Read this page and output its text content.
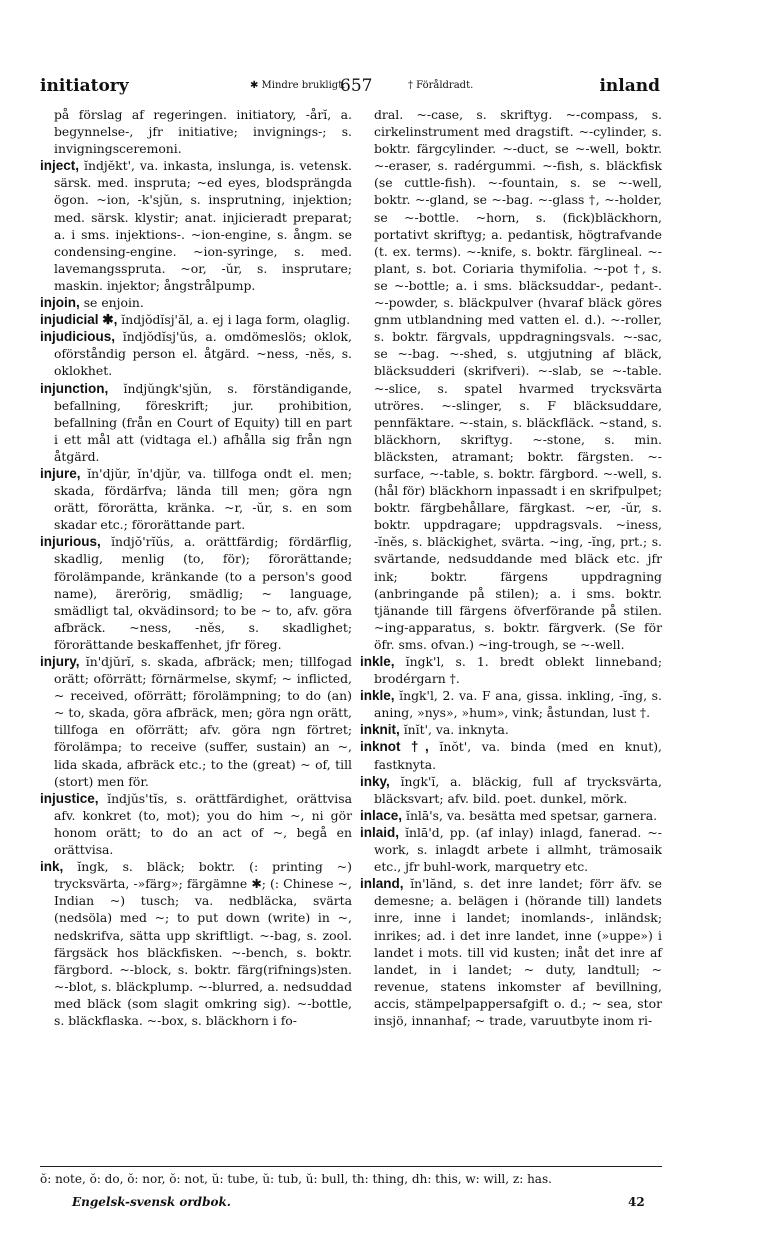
initiatory	✱ Mindre brukligt.
657	† Föråldradt.	inland

på förslag af regeringen. initiatory, -årĭ, a. begynnelse-, jfr initiative; invignings-; s. invigningsceremoni.

inject, ĭndjĕkt', va. inkasta, inslunga, is. vetensk. särsk. med. inspruta; ~ed eyes, blodsprängda ögon. ~ion, -k'sjŭn, s. insprutning, injektion; med. särsk. klystir; anat. injicieradt preparat; a. i sms. injektions-. ~ion-engine, s. ångm. se condensing-engine. ~ion-syringe, s. med. lavemangsspruta. ~or, -ŭr, s. insprutare; maskin. injektor; ångstrålpump.

injoin, se enjoin.

injudicial ✱, ĭndjŏdĭsj'ăl, a. ej i laga form, olaglig.

injudicious, ĭndjŏdĭsj'ŭs, a. omdömeslös; oklok, oförståndig person el. åtgärd. ~ness, -nĕs, s. oklokhet.

injunction, ĭndjŭngk'sjŭn, s. förständigande, befallning, föreskrift; jur. prohibition, befallning (från en Court of Equity) till en part i ett mål att (vidtaga el.) afhålla sig från ngn åtgärd.

injure, ĭn'djŭr, ĭn'djŭr, va. tillfoga ondt el. men; skada, fördärfva; lända till men; göra ngn orätt, förorätta, kränka. ~r, -ŭr, s. en som skadar etc.; förorättande part.

injurious, ĭndjŏ'rĭŭs, a. orättfärdig; fördärflig, skadlig, menlig (to, för); förorättande; förolämpande, kränkande (to a person's good name), ärerörig, smädlig; ~ language, smädligt tal, okvädinsord; to be ~ to, afv. göra afbräck. ~ness, -nĕs, s. skadlighet; förorättande beskaffenhet, jfr föreg.

injury, ĭn'djŭrĭ, s. skada, afbräck; men; tillfogad orätt; oförrätt; förnärmelse, skymf; ~ inflicted, ~ received, oförrätt; förolämpning; to do (an) ~ to, skada, göra afbräck, men; göra ngn orätt, tillfoga en oförrätt; afv. göra ngn förtret; förolämpa; to receive (suffer, sustain) an ~, lida skada, afbräck etc.; to the (great) ~ of, till (stort) men för.

injustice, ĭndjŭs'tĭs, s. orättfärdighet, orättvisa afv. konkret (to, mot); you do him ~, ni gör honom orätt; to do an act of ~, begå en orättvisa.

ink, ĭngk, s. bläck; boktr. (: printing ~) trycksvärta, -»färg»; färgämne ✱; (: Chinese ~, Indian ~) tusch; va. nedbläcka, svärta (nedsöla) med ~; to put down (write) in ~, nedskrifva, sätta upp skriftligt. ~-bag, s. zool. färgsäck hos bläckfisken. ~-bench, s. boktr. färgbord. ~-block, s. boktr. färg(rifnings)sten. ~-blot, s. bläckplump. ~-blurred, a. nedsuddad med bläck (som slagit omkring sig). ~-bottle, s. bläckflaska. ~-box, s. bläckhorn i fo-

dral. ~-case, s. skriftyg. ~-compass, s. cirkelinstrument med dragstift. ~-cylinder, s. boktr. färgcylinder. ~-duct, se ~-well, boktr. ~-eraser, s. radérgummi. ~-fish, s. bläckfisk (se cuttle-fish). ~-fountain, s. se ~-well, boktr. ~-gland, se ~-bag. ~-glass †, ~-holder, se ~-bottle. ~horn, s. (fick)bläckhorn, portativt skriftyg; a. pedantisk, högtrafvande (t. ex. terms). ~-knife, s. boktr. färglineal. ~-plant, s. bot. Coriaria thymifolia. ~-pot †, s. se ~-bottle; a. i sms. bläcksuddar-, pedant-. ~-powder, s. bläckpulver (hvaraf bläck göres gnm utblandning med vatten el. d.). ~-roller, s. boktr. färgvals, uppdragningsvals. ~-sac, se ~-bag. ~-shed, s. utgjutning af bläck, bläcksudderi (skrifveri). ~-slab, se ~-table. ~-slice, s. spatel hvarmed trycksvärta utröres. ~-slinger, s. F bläcksuddare, pennfäktare. ~-stain, s. bläckfläck. ~stand, s. bläckhorn, skriftyg. ~-stone, s. min. bläcksten, atramant; boktr. färgsten. ~-surface, ~-table, s. boktr. färgbord. ~-well, s. (hål för) bläckhorn inpassadt i en skrifpulpet; boktr. färgbehållare, färgkast. ~er, -ŭr, s. boktr. uppdragare; uppdragsvals. ~iness, -ĭnĕs, s. bläckighet, svärta. ~ing, -ĭng, prt.; s. svärtande, nedsuddande med bläck etc. jfr ink; boktr. färgens uppdragning (anbringande på stilen); a. i sms. boktr. tjänande till färgens öfverförande på stilen. ~ing-apparatus, s. boktr. färgverk. (Se för öfr. sms. ofvan.) ~ing-trough, se ~-well.

inkle, ĭngk'l, s. 1. bredt oblekt linneband; brodérgarn †.

inkle, ĭngk'l, 2. va. F ana, gissa. inkling, -ĭng, s. aning, »nys», »hum», vink; åstundan, lust †.

inknit, ĭnĭt', va. inknyta.

inknot †, ĭnŏt', va. binda (med en knut), fastknyta.

inky, ĭngk'ĭ, a. bläckig, full af trycksvärta, bläcksvart; afv. bild. poet. dunkel, mörk.

inlace, ĭnlā's, va. besätta med spetsar, garnera.

inlaid, ĭnlā'd, pp. (af inlay) inlagd, fanerad. ~-work, s. inlagdt arbete i allmht, trämosaik etc., jfr buhl-work, marquetry etc.

inland, ĭn'lănd, s. det inre landet; förr äfv. se demesne; a. belägen i (hörande till) landets inre, inne i landet; inomlands-, inländsk; inrikes; ad. i det inre landet, inne (»uppe») i landet i mots. till vid kusten; inåt det inre af landet, in i landet; ~ duty, landtull; ~ revenue, statens inkomster af bevillning, accis, stämpelpappersafgift o. d.; ~ sea, stor insjö, innanhaf; ~ trade, varuutbyte inom ri-

ŏ: note, ŏ: do, ŏ: nor, ŏ: not, ŭ: tube, ŭ: tub, ŭ: bull, th: thing, dh: this, w: will, z: has.
Engelsk-svensk ordbok.	42
